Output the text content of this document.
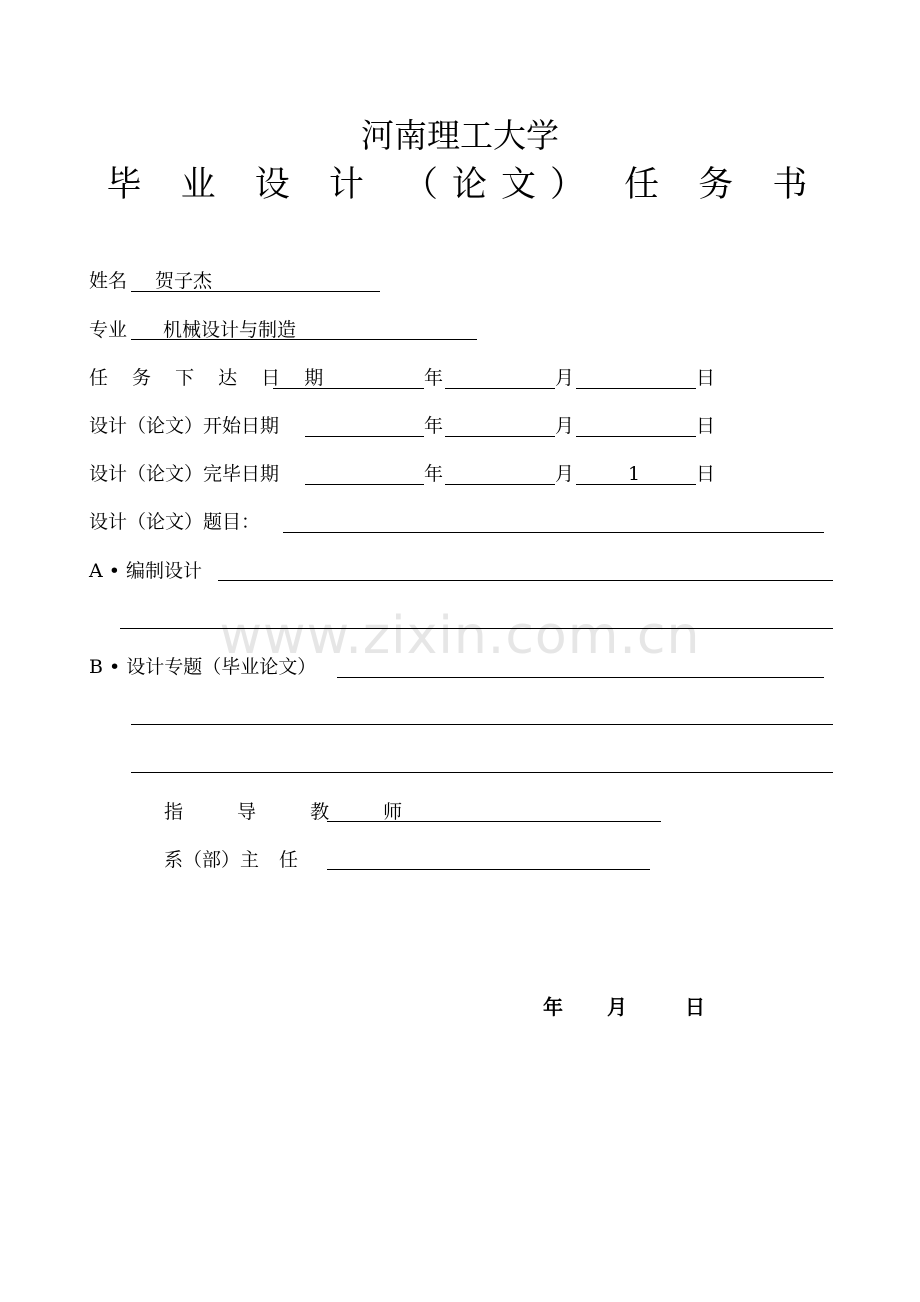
www.zixin.com.cn
河南理工大学
毕 业 设 计 （论文） 任 务 书
姓名 贺子杰
专业 机械设计与制造
任 务 下 达 日 期	年	月	日
设计（论文）开始日期	年	月	日
设计（论文）完毕日期	年	月	1	日
设计（论文）题目：
A • 编制设计
B • 设计专题（毕业论文）
指 导 教 师
系（部）主 任
年 月	日
